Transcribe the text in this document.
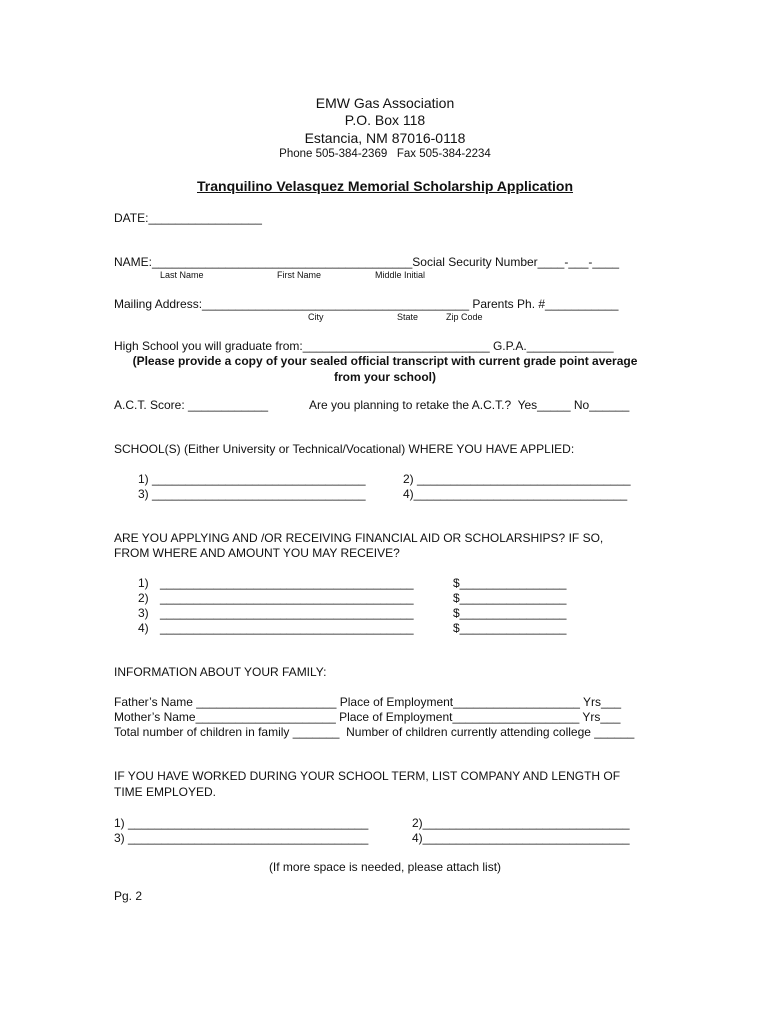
EMW Gas Association
P.O. Box 118
Estancia, NM 87016-0118
Phone 505-384-2369   Fax 505-384-2234
Tranquilino Velasquez Memorial Scholarship Application
DATE:_________________
NAME:_______________________________________Social Security Number____-___-____
Last Name	First Name	Middle Initial
Mailing Address:________________________________________ Parents Ph. #___________
City	State	Zip Code
High School you will graduate from:____________________________ G.P.A._____________
(Please provide a copy of your sealed official transcript with current grade point average
from your school)
A.C.T. Score: ____________	Are you planning to retake the A.C.T.?  Yes_____ No______
SCHOOL(S) (Either University or Technical/Vocational) WHERE YOU HAVE APPLIED:
1) ________________________________	2) ________________________________
3) ________________________________	4)________________________________
ARE YOU APPLYING AND /OR RECEIVING FINANCIAL AID OR SCHOLARSHIPS? IF SO,
FROM WHERE AND AMOUNT YOU MAY RECEIVE?
1) ______________________________________	$________________
2) ______________________________________	$________________
3) ______________________________________	$________________
4) ______________________________________	$________________
INFORMATION ABOUT YOUR FAMILY:
Father’s Name _____________________ Place of Employment___________________ Yrs___
Mother’s Name_____________________ Place of Employment___________________ Yrs___
Total number of children in family _______  Number of children currently attending college ______
IF YOU HAVE WORKED DURING YOUR SCHOOL TERM, LIST COMPANY AND LENGTH OF
TIME EMPLOYED.
1) ____________________________________	2)_______________________________
3) ____________________________________	4)_______________________________
(If more space is needed, please attach list)
Pg. 2
